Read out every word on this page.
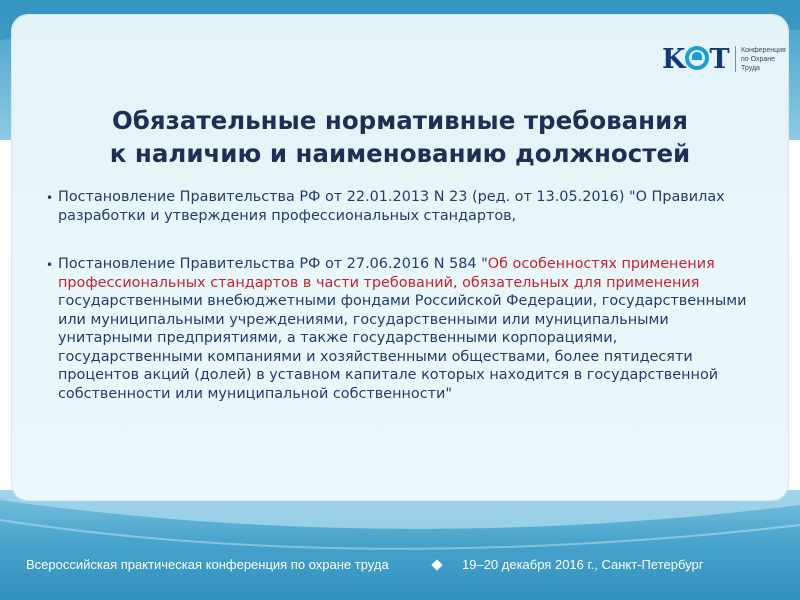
K T Конференция
по Охране
Труда
Обязательные нормативные требования
к наличию и наименованию должностей
• Постановление Правительства РФ от 22.01.2013 N 23 (ред. от 13.05.2016) "О Правилах разработки и утверждения профессиональных стандартов,
• Постановление Правительства РФ от 27.06.2016 N 584 "Об особенностях применения профессиональных стандартов в части требований, обязательных для применения государственными внебюджетными фондами Российской Федерации, государственными или муниципальными учреждениями, государственными или муниципальными унитарными предприятиями, а также государственными корпорациями, государственными компаниями и хозяйственными обществами, более пятидесяти процентов акций (долей) в уставном капитале которых находится в государственной собственности или муниципальной собственности"
Всероссийская практическая конференция по охране труда	19–20 декабря 2016 г., Санкт-Петербург
